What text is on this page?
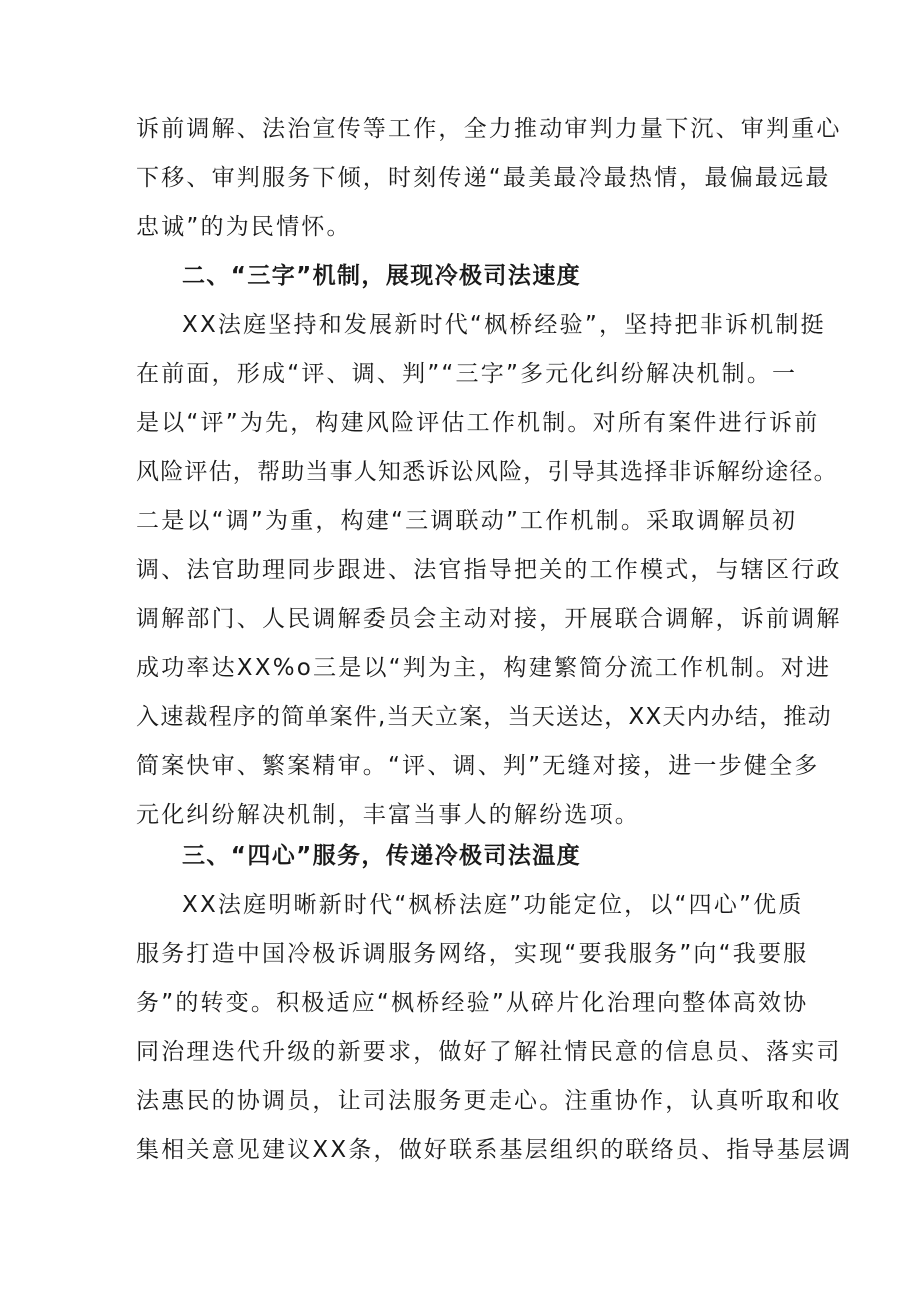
诉前调解、法治宣传等工作，全力推动审判力量下沉、审判重心
下移、审判服务下倾，时刻传递“最美最冷最热情，最偏最远最
忠诚”的为民情怀。
二、“三字”机制，展现冷极司法速度
XX法庭坚持和发展新时代“枫桥经验”，坚持把非诉机制挺
在前面，形成“评、调、判”“三字”多元化纠纷解决机制。一
是以“评”为先，构建风险评估工作机制。对所有案件进行诉前
风险评估，帮助当事人知悉诉讼风险，引导其选择非诉解纷途径。
二是以“调”为重，构建“三调联动”工作机制。采取调解员初
调、法官助理同步跟进、法官指导把关的工作模式，与辖区行政
调解部门、人民调解委员会主动对接，开展联合调解，诉前调解
成功率达XX%o三是以“判为主，构建繁简分流工作机制。对进
入速裁程序的简单案件,当天立案，当天送达，XX天内办结，推动
简案快审、繁案精审。“评、调、判”无缝对接，进一步健全多
元化纠纷解决机制，丰富当事人的解纷选项。
三、“四心”服务，传递冷极司法温度
XX法庭明晰新时代“枫桥法庭”功能定位，以“四心”优质
服务打造中国冷极诉调服务网络，实现“要我服务”向“我要服
务”的转变。积极适应“枫桥经验”从碎片化治理向整体高效协
同治理迭代升级的新要求，做好了解社情民意的信息员、落实司
法惠民的协调员，让司法服务更走心。注重协作，认真听取和收
集相关意见建议XX条，做好联系基层组织的联络员、指导基层调
